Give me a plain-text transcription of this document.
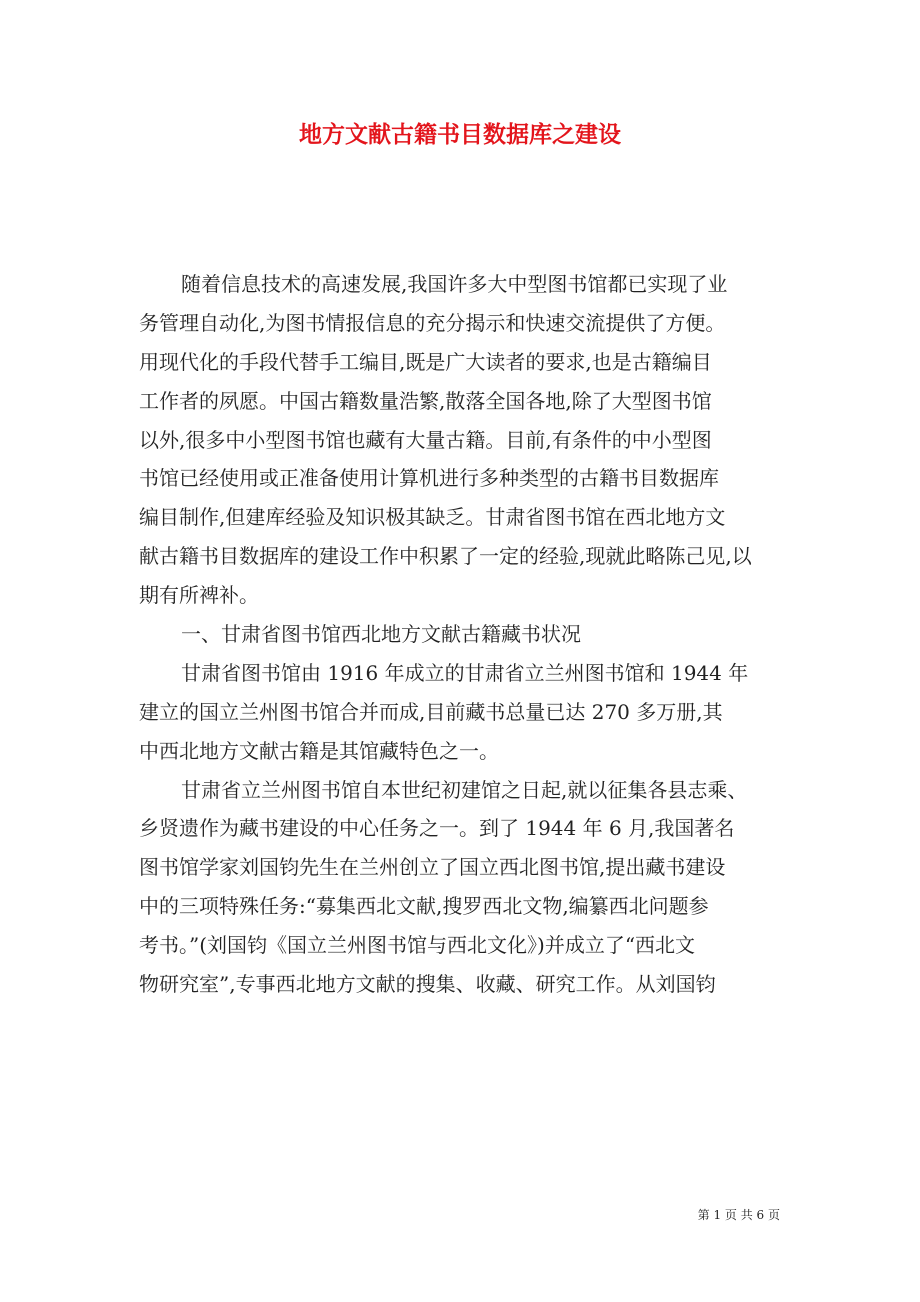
地方文献古籍书目数据库之建设
随着信息技术的高速发展,我国许多大中型图书馆都已实现了业
务管理自动化,为图书情报信息的充分揭示和快速交流提供了方便。
用现代化的手段代替手工编目,既是广大读者的要求,也是古籍编目
工作者的夙愿。中国古籍数量浩繁,散落全国各地,除了大型图书馆
以外,很多中小型图书馆也藏有大量古籍。目前,有条件的中小型图
书馆已经使用或正准备使用计算机进行多种类型的古籍书目数据库
编目制作,但建库经验及知识极其缺乏。甘肃省图书馆在西北地方文
献古籍书目数据库的建设工作中积累了一定的经验,现就此略陈己见,以
期有所裨补。
一、甘肃省图书馆西北地方文献古籍藏书状况
甘肃省图书馆由 1916 年成立的甘肃省立兰州图书馆和 1944 年
建立的国立兰州图书馆合并而成,目前藏书总量已达 270 多万册,其
中西北地方文献古籍是其馆藏特色之一。
甘肃省立兰州图书馆自本世纪初建馆之日起,就以征集各县志乘、
乡贤遗作为藏书建设的中心任务之一。到了 1944 年 6 月,我国著名
图书馆学家刘国钧先生在兰州创立了国立西北图书馆,提出藏书建设
中的三项特殊任务:“募集西北文献,搜罗西北文物,编纂西北问题参
考书。”(刘国钧《国立兰州图书馆与西北文化》)并成立了“西北文
物研究室”,专事西北地方文献的搜集、收藏、研究工作。从刘国钧
第 1 页 共 6 页
